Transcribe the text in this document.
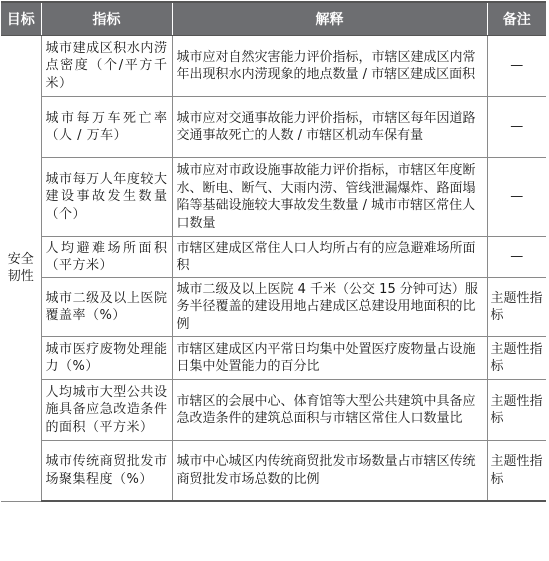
目标	指标	解释	备注
安全韧性	城市建成区积水内涝点密度（个/平方千米）	城市应对自然灾害能力评价指标，市辖区建成区内常年出现积水内涝现象的地点数量 / 市辖区建成区面积	—
	城市每万车死亡率（人 / 万车）	城市应对交通事故能力评价指标，市辖区每年因道路交通事故死亡的人数 / 市辖区机动车保有量	—
	城市每万人年度较大建设事故发生数量（个）	城市应对市政设施事故能力评价指标，市辖区年度断水、断电、断气、大雨内涝、管线泄漏爆炸、路面塌陷等基础设施较大事故发生数量 / 城市市辖区常住人口数量	—
	人均避难场所面积（平方米）	市辖区建成区常住人口人均所占有的应急避难场所面积	—
	城市二级及以上医院覆盖率（%）	城市二级及以上医院 4 千米（公交 15 分钟可达）服务半径覆盖的建设用地占建成区总建设用地面积的比例	主题性指标
	城市医疗废物处理能力（%）	市辖区建成区内平常日均集中处置医疗废物量占设施日集中处置能力的百分比	主题性指标
	人均城市大型公共设施具备应急改造条件的面积（平方米）	市辖区的会展中心、体育馆等大型公共建筑中具备应急改造条件的建筑总面积与市辖区常住人口数量比	主题性指标
	城市传统商贸批发市场聚集程度（%）	城市中心城区内传统商贸批发市场数量占市辖区传统商贸批发市场总数的比例	主题性指标
